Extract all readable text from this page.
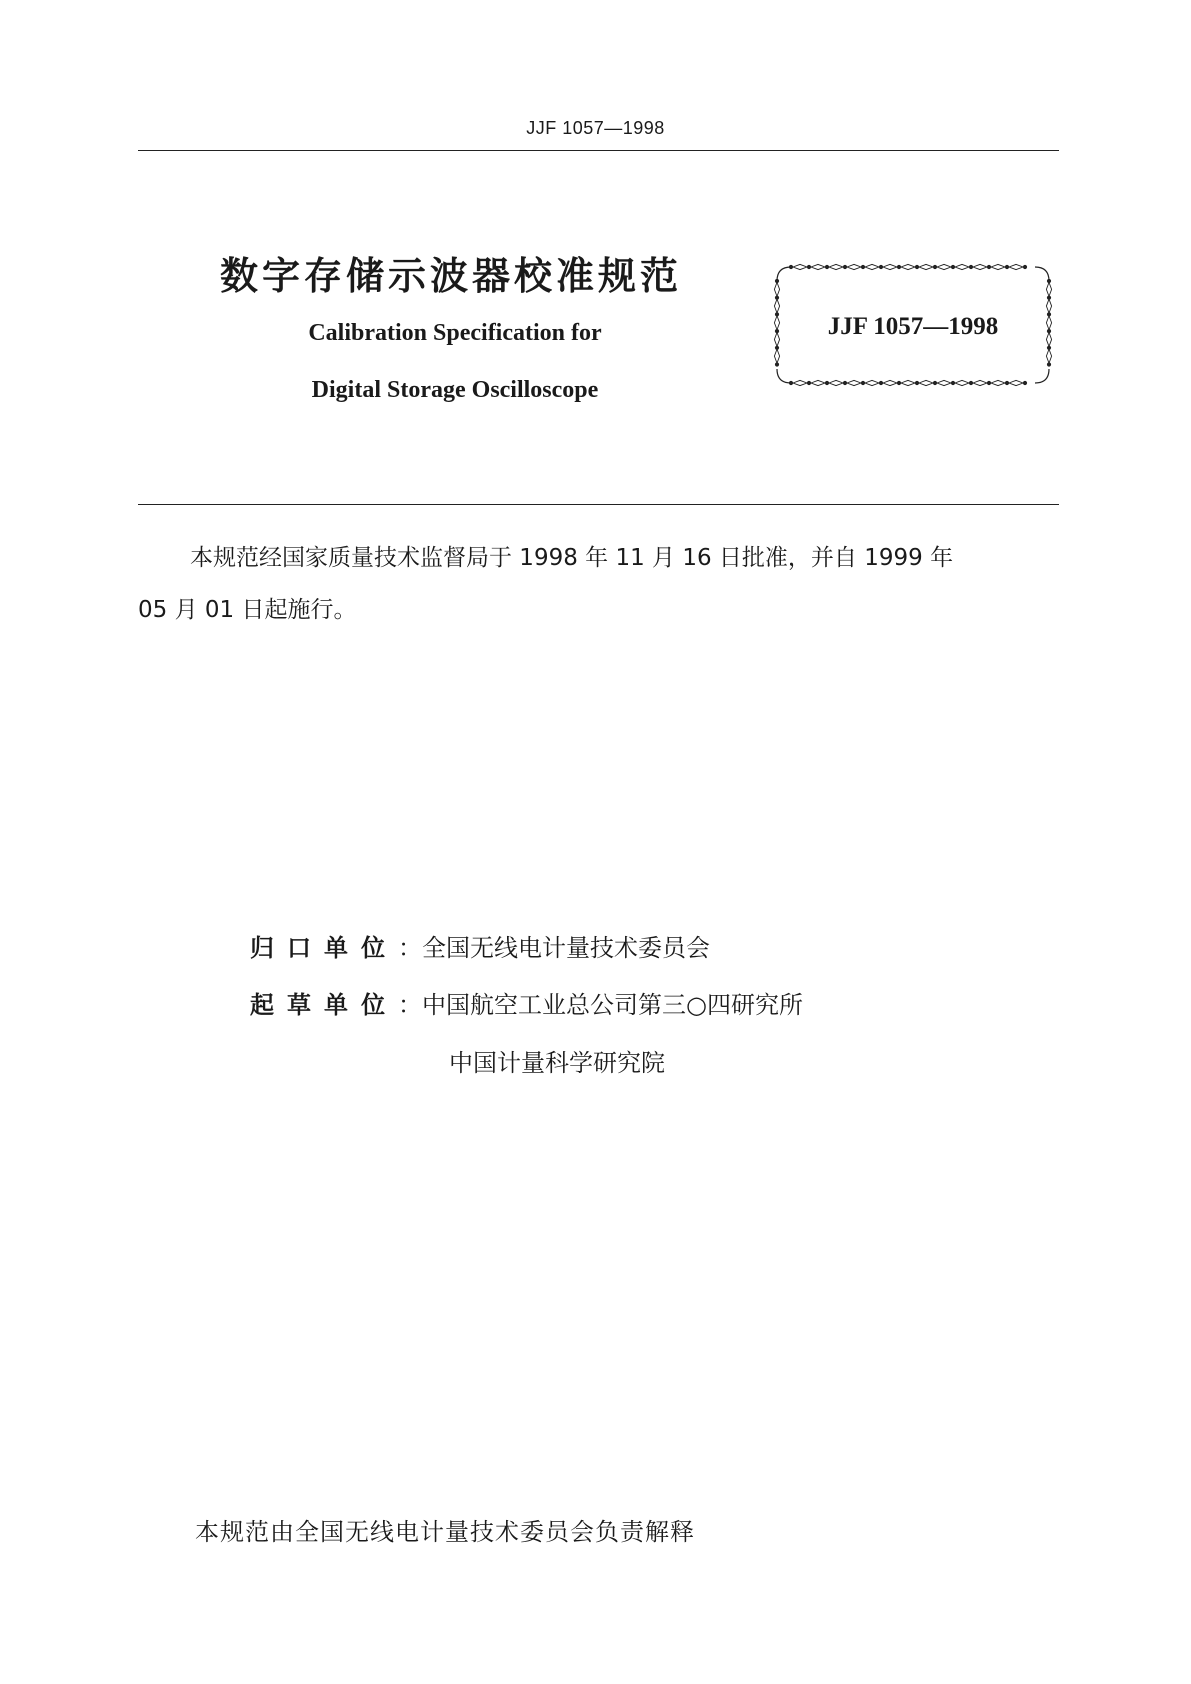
JJF 1057—1998
数字存储示波器校准规范
Calibration Specification for
Digital Storage Oscilloscope
JJF 1057—1998

本规范经国家质量技术监督局于 1998 年 11 月 16 日批准，并自 1999 年

05 月 01 日起施行。

归口单位：全国无线电计量技术委员会
起草单位：中国航空工业总公司第三○四研究所
中国计量科学研究院
本规范由全国无线电计量技术委员会负责解释
